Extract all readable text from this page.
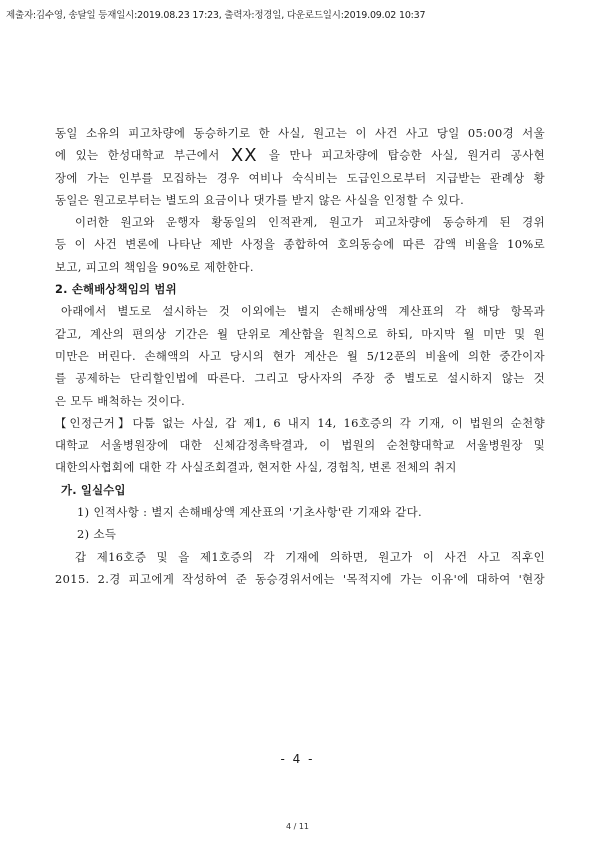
제출자:김수영, 송달일 등재일시:2019.08.23 17:23, 출력자:정경일, 다운로드일시:2019.09.02 10:37
동일 소유의 피고차량에 동승하기로 한 사실, 원고는 이 사건 사고 당일 05:00경 서울
에 있는 한성대학교 부근에서 XX 을 만나 피고차량에 탑승한 사실, 원거리 공사현
장에 가는 인부를 모집하는 경우 여비나 숙식비는 도급인으로부터 지급받는 관례상 황
동일은 원고로부터는 별도의 요금이나 댓가를 받지 않은 사실을 인정할 수 있다.
이러한 원고와 운행자 황동일의 인적관계, 원고가 피고차량에 동승하게 된 경위
등 이 사건 변론에 나타난 제반 사정을 종합하여 호의동승에 따른 감액 비율을 10%로
보고, 피고의 책임을 90%로 제한한다.
2. 손해배상책임의 범위
아래에서 별도로 설시하는 것 이외에는 별지 손해배상액 계산표의 각 해당 항목과
같고, 계산의 편의상 기간은 월 단위로 계산함을 원칙으로 하되, 마지막 월 미만 및 원
미만은 버린다. 손해액의 사고 당시의 현가 계산은 월 5/12푼의 비율에 의한 중간이자
를 공제하는 단리할인법에 따른다. 그리고 당사자의 주장 중 별도로 설시하지 않는 것
은 모두 배척하는 것이다.
【인정근거】다툼 없는 사실, 갑 제1, 6 내지 14, 16호증의 각 기재, 이 법원의 순천향
대학교 서울병원장에 대한 신체감정촉탁결과, 이 법원의 순천향대학교 서울병원장 및
대한의사협회에 대한 각 사실조회결과, 현저한 사실, 경험칙, 변론 전체의 취지
가. 일실수입
1) 인적사항 : 별지 손해배상액 계산표의 '기초사항'란 기재와 같다.
2) 소득
갑 제16호증 및 을 제1호증의 각 기재에 의하면, 원고가 이 사건 사고 직후인
2015. 2.경 피고에게 작성하여 준 동승경위서에는 '목적지에 가는 이유'에 대하여 '현장
- 4 -
4 / 11
